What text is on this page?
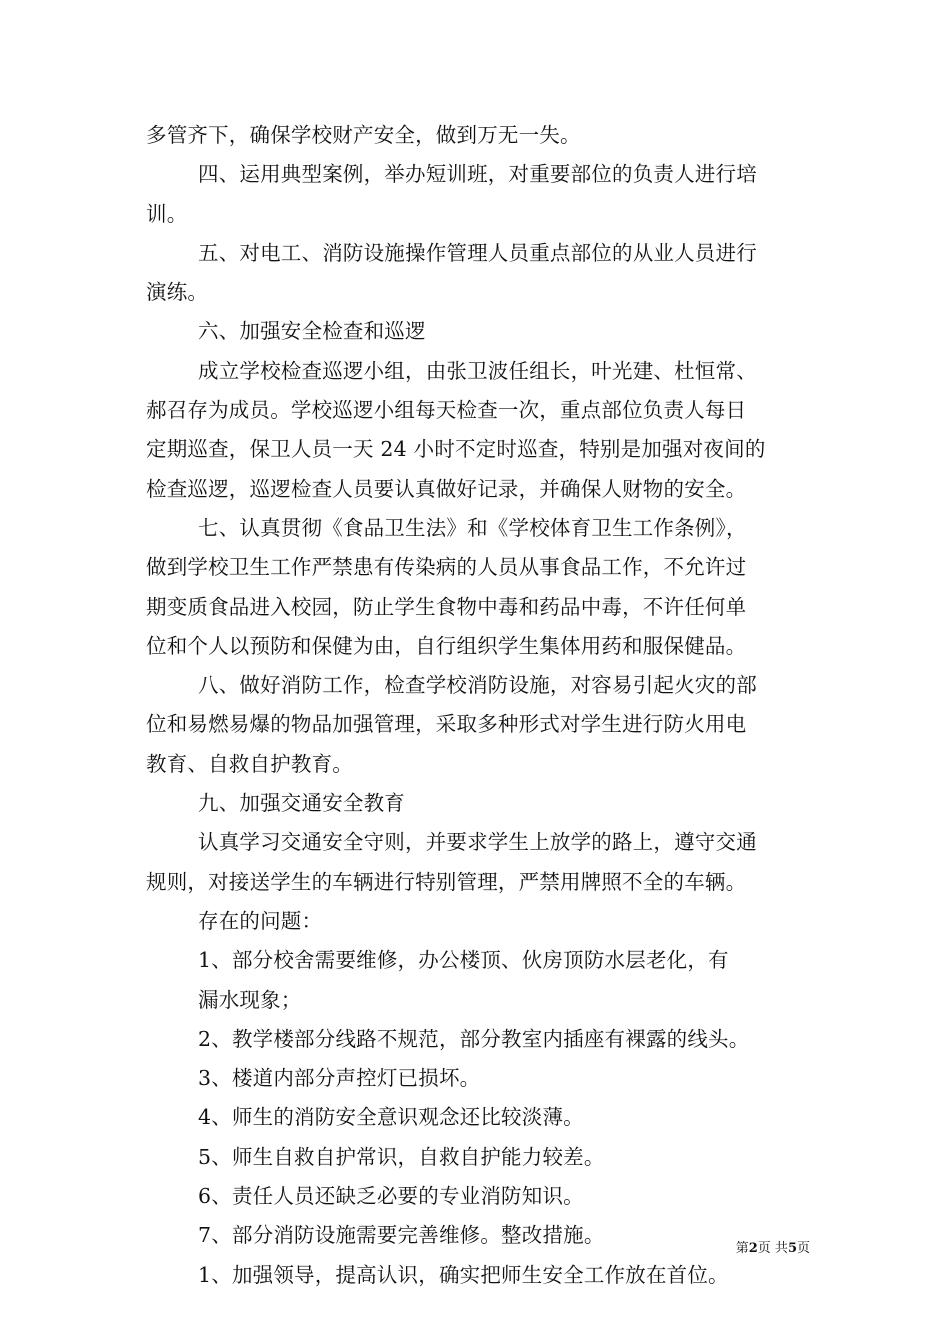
多管齐下，确保学校财产安全，做到万无一失。
四、运用典型案例，举办短训班，对重要部位的负责人进行培
训。
五、对电工、消防设施操作管理人员重点部位的从业人员进行
演练。
六、加强安全检查和巡逻
成立学校检查巡逻小组，由张卫波任组长，叶光建、杜恒常、
郝召存为成员。学校巡逻小组每天检查一次，重点部位负责人每日
定期巡查，保卫人员一天 24 小时不定时巡查，特别是加强对夜间的
检查巡逻，巡逻检查人员要认真做好记录，并确保人财物的安全。
七、认真贯彻《食品卫生法》和《学校体育卫生工作条例》，
做到学校卫生工作严禁患有传染病的人员从事食品工作，不允许过
期变质食品进入校园，防止学生食物中毒和药品中毒，不许任何单
位和个人以预防和保健为由，自行组织学生集体用药和服保健品。
八、做好消防工作，检查学校消防设施，对容易引起火灾的部
位和易燃易爆的物品加强管理，采取多种形式对学生进行防火用电
教育、自救自护教育。
九、加强交通安全教育
认真学习交通安全守则，并要求学生上放学的路上，遵守交通
规则，对接送学生的车辆进行特别管理，严禁用牌照不全的车辆。
存在的问题：
1、部分校舍需要维修，办公楼顶、伙房顶防水层老化，有
漏水现象；
2、教学楼部分线路不规范，部分教室内插座有裸露的线头。
3、楼道内部分声控灯已损坏。
4、师生的消防安全意识观念还比较淡薄。
5、师生自救自护常识，自救自护能力较差。
6、责任人员还缺乏必要的专业消防知识。
7、部分消防设施需要完善维修。整改措施。
1、加强领导，提高认识，确实把师生安全工作放在首位。
第2页 共5页
